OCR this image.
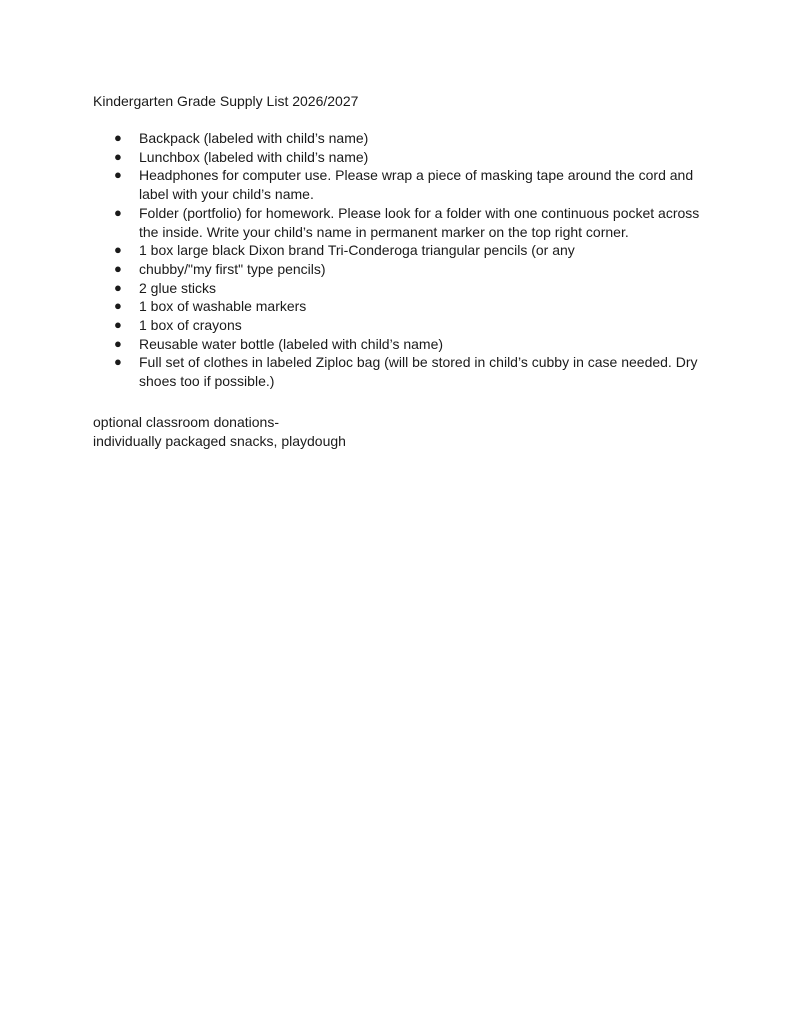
Kindergarten Grade Supply List 2026/2027
● Backpack (labeled with child’s name)
● Lunchbox (labeled with child’s name)
● Headphones for computer use. Please wrap a piece of masking tape around the cord and label with your child’s name.
● Folder (portfolio) for homework. Please look for a folder with one continuous pocket across the inside. Write your child’s name in permanent marker on the top right corner.
● 1 box large black Dixon brand Tri-Conderoga triangular pencils (or any
● chubby/"my first" type pencils)
● 2 glue sticks
● 1 box of washable markers
● 1 box of crayons
● Reusable water bottle (labeled with child’s name)
● Full set of clothes in labeled Ziploc bag (will be stored in child’s cubby in case needed. Dry shoes too if possible.)
optional classroom donations-
individually packaged snacks, playdough
